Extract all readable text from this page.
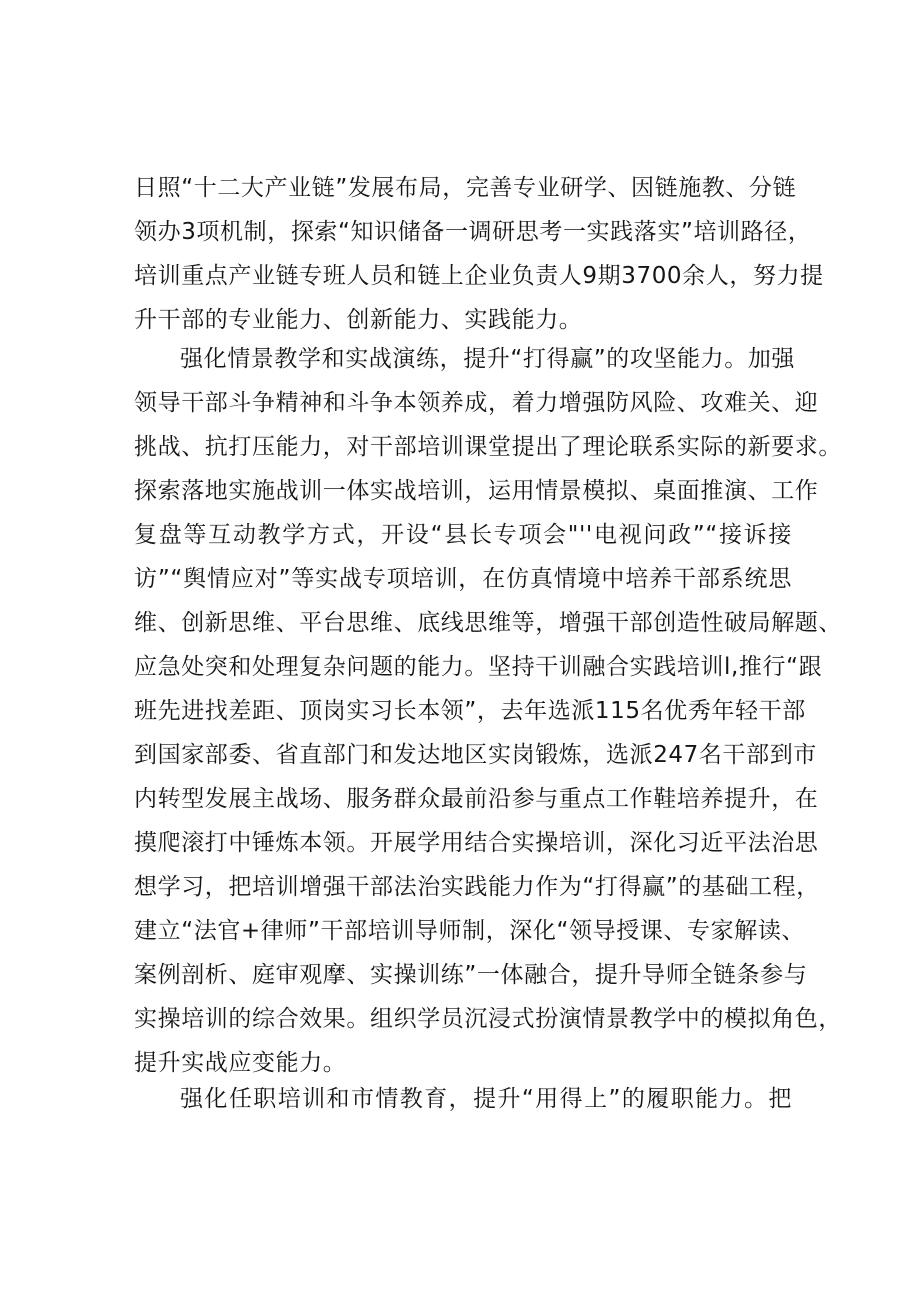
日照“十二大产业链”发展布局，完善专业研学、因链施教、分链
领办3项机制，探索“知识储备一调研思考一实践落实”培训路径，
培训重点产业链专班人员和链上企业负责人9期3700余人，努力提
升干部的专业能力、创新能力、实践能力。
强化情景教学和实战演练，提升“打得赢”的攻坚能力。加强
领导干部斗争精神和斗争本领养成，着力增强防风险、攻难关、迎
挑战、抗打压能力，对干部培训课堂提出了理论联系实际的新要求。
探索落地实施战训一体实战培训，运用情景模拟、桌面推演、工作
复盘等互动教学方式，开设“县长专项会"''电视问政”“接诉接
访”“舆情应对”等实战专项培训，在仿真情境中培养干部系统思
维、创新思维、平台思维、底线思维等，增强干部创造性破局解题、
应急处突和处理复杂问题的能力。坚持干训融合实践培训l,推行“跟
班先进找差距、顶岗实习长本领”，去年选派115名优秀年轻干部
到国家部委、省直部门和发达地区实岗锻炼，选派247名干部到市
内转型发展主战场、服务群众最前沿参与重点工作鞋培养提升，在
摸爬滚打中锤炼本领。开展学用结合实操培训，深化习近平法治思
想学习，把培训增强干部法治实践能力作为“打得赢”的基础工程，
建立“法官+律师”干部培训导师制，深化“领导授课、专家解读、
案例剖析、庭审观摩、实操训练”一体融合，提升导师全链条参与
实操培训的综合效果。组织学员沉浸式扮演情景教学中的模拟角色，
提升实战应变能力。
强化任职培训和市情教育，提升“用得上”的履职能力。把
